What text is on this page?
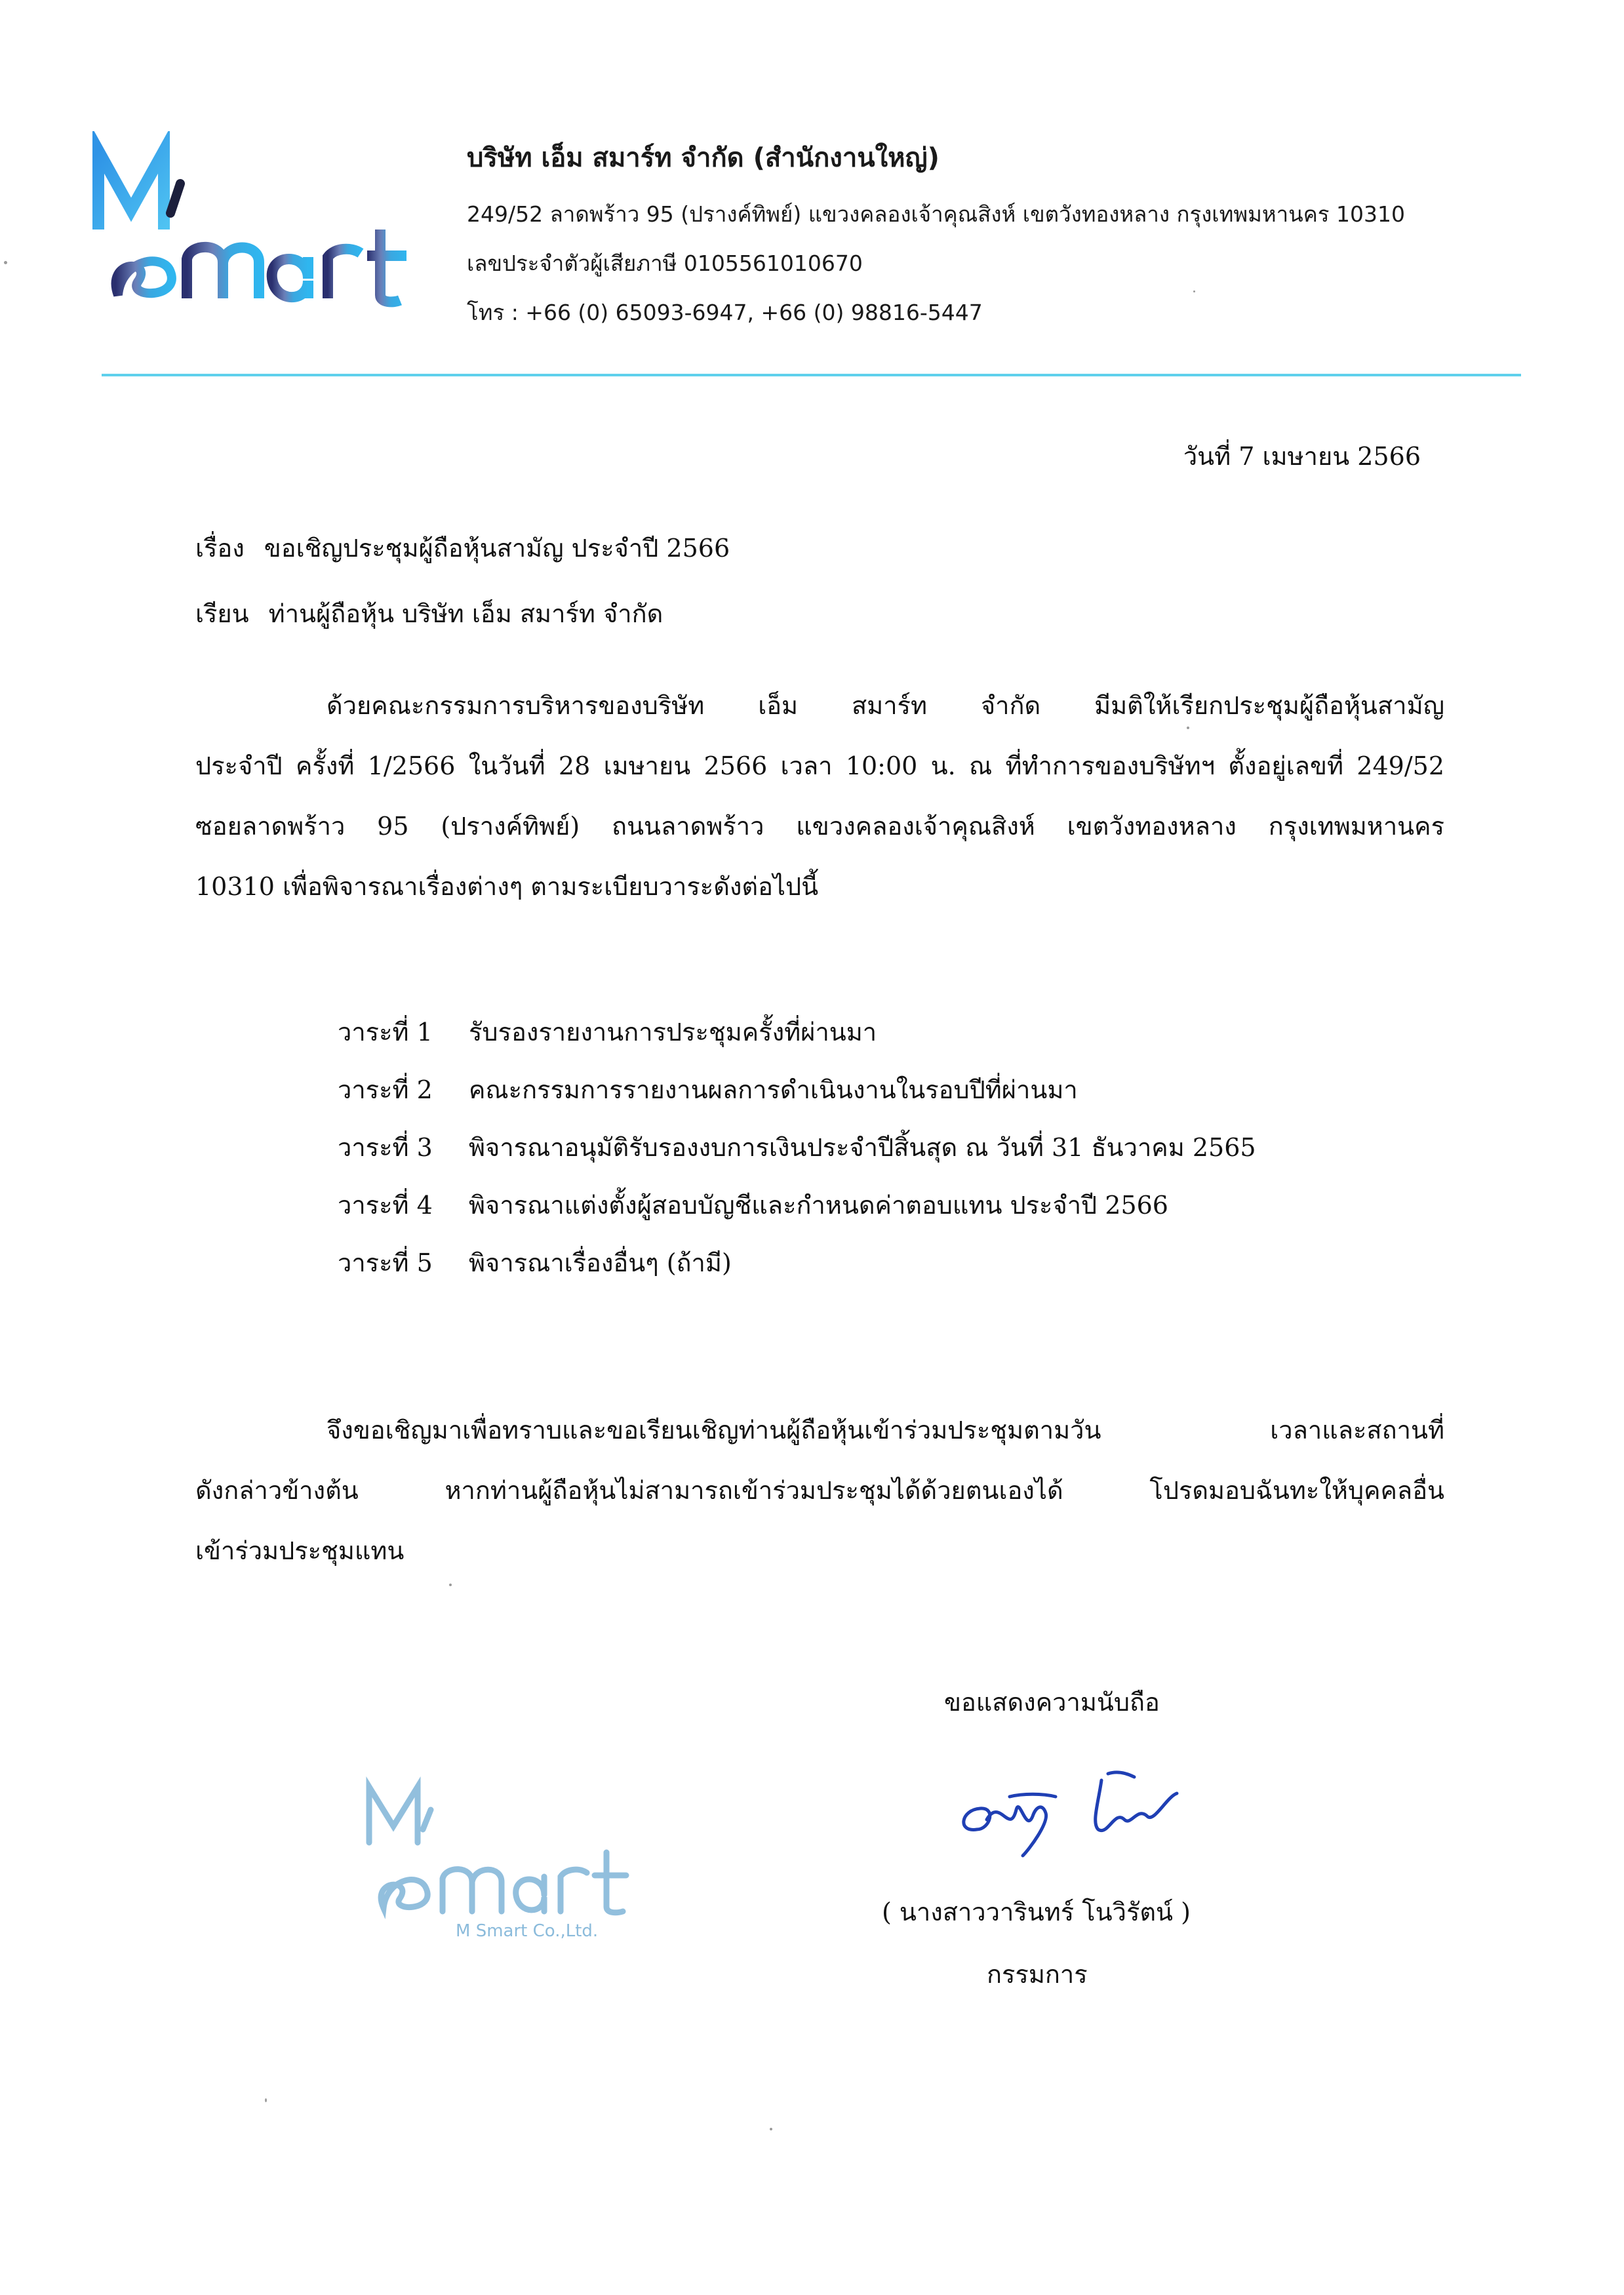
บริษัท เอ็ม สมาร์ท จำกัด (สำนักงานใหญ่)
249/52 ลาดพร้าว 95 (ปรางค์ทิพย์) แขวงคลองเจ้าคุณสิงห์ เขตวังทองหลาง กรุงเทพมหานคร 10310
เลขประจำตัวผู้เสียภาษี 0105561010670
โทร : +66 (0) 65093-6947, +66 (0) 98816-5447
วันที่ 7 เมษายน 2566
เรื่อง ขอเชิญประชุมผู้ถือหุ้นสามัญ ประจำปี 2566
เรียน ท่านผู้ถือหุ้น บริษัท เอ็ม สมาร์ท จำกัด
ด้วยคณะกรรมการบริหารของบริษัท เอ็ม สมาร์ท จำกัด มีมติให้เรียกประชุมผู้ถือหุ้นสามัญ
ประจำปี ครั้งที่ 1/2566 ในวันที่ 28 เมษายน 2566 เวลา 10:00 น. ณ ที่ทำการของบริษัทฯ ตั้งอยู่เลขที่ 249/52
ซอยลาดพร้าว 95 (ปรางค์ทิพย์) ถนนลาดพร้าว แขวงคลองเจ้าคุณสิงห์ เขตวังทองหลาง กรุงเทพมหานคร
10310 เพื่อพิจารณาเรื่องต่างๆ ตามระเบียบวาระดังต่อไปนี้
วาระที่ 1 รับรองรายงานการประชุมครั้งที่ผ่านมา
วาระที่ 2 คณะกรรมการรายงานผลการดำเนินงานในรอบปีที่ผ่านมา
วาระที่ 3 พิจารณาอนุมัติรับรองงบการเงินประจำปีสิ้นสุด ณ วันที่ 31 ธันวาคม 2565
วาระที่ 4 พิจารณาแต่งตั้งผู้สอบบัญชีและกำหนดค่าตอบแทน ประจำปี 2566
วาระที่ 5 พิจารณาเรื่องอื่นๆ (ถ้ามี)
จึงขอเชิญมาเพื่อทราบและขอเรียนเชิญท่านผู้ถือหุ้นเข้าร่วมประชุมตามวัน เวลาและสถานที่
ดังกล่าวข้างต้น หากท่านผู้ถือหุ้นไม่สามารถเข้าร่วมประชุมได้ด้วยตนเองได้ โปรดมอบฉันทะให้บุคคลอื่น
เข้าร่วมประชุมแทน
ขอแสดงความนับถือ
( นางสาววารินทร์ โนวิรัตน์ )
กรรมการ
M Smart Co.,Ltd.
